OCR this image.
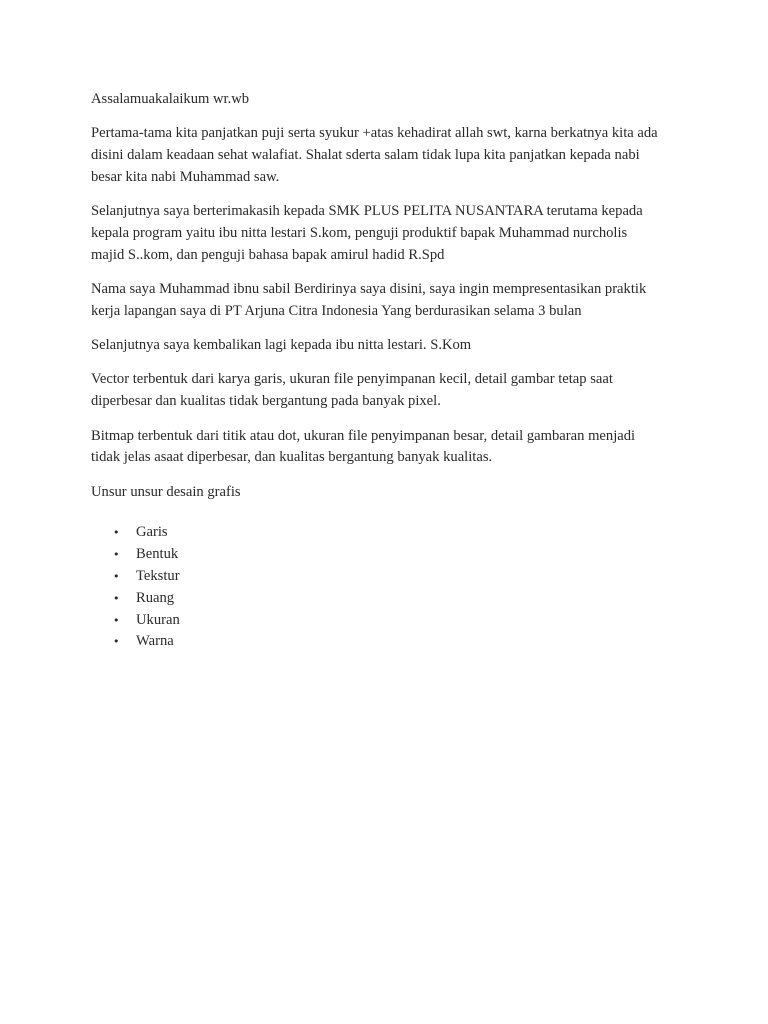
Assalamuakalaikum wr.wb

Pertama-tama kita panjatkan puji serta syukur +atas kehadirat allah swt, karna berkatnya kita ada
disini dalam keadaan sehat walafiat. Shalat sderta salam tidak lupa kita panjatkan kepada nabi
besar kita nabi Muhammad saw.

Selanjutnya saya berterimakasih kepada SMK PLUS PELITA NUSANTARA terutama kepada
kepala program yaitu ibu nitta lestari S.kom, penguji produktif bapak Muhammad nurcholis
majid S..kom, dan penguji bahasa bapak amirul hadid R.Spd

Nama saya Muhammad ibnu sabil Berdirinya saya disini, saya ingin mempresentasikan praktik
kerja lapangan saya di PT Arjuna Citra Indonesia Yang berdurasikan selama 3 bulan

Selanjutnya saya kembalikan lagi kepada ibu nitta lestari. S.Kom

Vector terbentuk dari karya garis, ukuran file penyimpanan kecil, detail gambar tetap saat
diperbesar dan kualitas tidak bergantung pada banyak pixel.

Bitmap terbentuk dari titik atau dot, ukuran file penyimpanan besar, detail gambaran menjadi
tidak jelas asaat diperbesar, dan kualitas bergantung banyak kualitas.

Unsur unsur desain grafis

• Garis
• Bentuk
• Tekstur
• Ruang
• Ukuran
• Warna
